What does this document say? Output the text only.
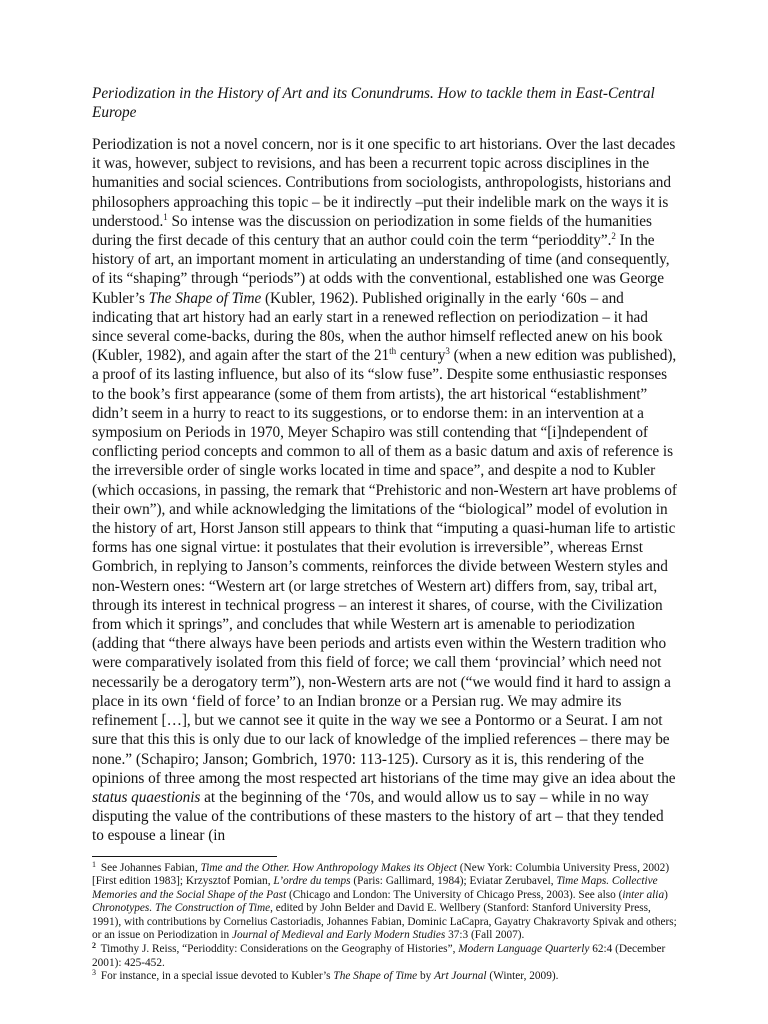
Periodization in the History of Art and its Conundrums. How to tackle them in East-Central Europe

Periodization is not a novel concern, nor is it one specific to art historians. Over the last decades it was, however, subject to revisions, and has been a recurrent topic across disciplines in the humanities and social sciences. Contributions from sociologists, anthropologists, historians and philosophers approaching this topic – be it indirectly –put their indelible mark on the ways it is understood.$^1$ So intense was the discussion on periodization in some fields of the humanities during the first decade of this century that an author could coin the term “perioddity”.$^2$ In the history of art, an important moment in articulating an understanding of time (and consequently, of its “shaping” through “periods”) at odds with the conventional, established one was George Kubler’s The Shape of Time (Kubler, 1962). Published originally in the early ‘60s – and indicating that art history had an early start in a renewed reflection on periodization – it had since several come-backs, during the 80s, when the author himself reflected anew on his book (Kubler, 1982), and again after the start of the 21th century$^3$ (when a new edition was published), a proof of its lasting influence, but also of its “slow fuse”. Despite some enthusiastic responses to the book’s first appearance (some of them from artists), the art historical “establishment” didn’t seem in a hurry to react to its suggestions, or to endorse them: in an intervention at a symposium on Periods in 1970, Meyer Schapiro was still contending that “[i]ndependent of conflicting period concepts and common to all of them as a basic datum and axis of reference is the irreversible order of single works located in time and space”, and despite a nod to Kubler (which occasions, in passing, the remark that “Prehistoric and non-Western art have problems of their own”), and while acknowledging the limitations of the “biological” model of evolution in the history of art, Horst Janson still appears to think that “imputing a quasi-human life to artistic forms has one signal virtue: it postulates that their evolution is irreversible”, whereas Ernst Gombrich, in replying to Janson’s comments, reinforces the divide between Western styles and non-Western ones: “Western art (or large stretches of Western art) differs from, say, tribal art, through its interest in technical progress – an interest it shares, of course, with the Civilization from which it springs”, and concludes that while Western art is amenable to periodization (adding that “there always have been periods and artists even within the Western tradition who were comparatively isolated from this field of force; we call them ‘provincial’ which need not necessarily be a derogatory term”), non-Western arts are not (“we would find it hard to assign a place in its own ‘field of force’ to an Indian bronze or a Persian rug. We may admire its refinement […], but we cannot see it quite in the way we see a Pontormo or a Seurat. I am not sure that this this is only due to our lack of knowledge of the implied references – there may be none.” (Schapiro; Janson; Gombrich, 1970: 113-125). Cursory as it is, this rendering of the opinions of three among the most respected art historians of the time may give an idea about the status quaestionis at the beginning of the ‘70s, and would allow us to say – while in no way disputing the value of the contributions of these masters to the history of art – that they tended to espouse a linear (in

$^1$ See Johannes Fabian, Time and the Other. How Anthropology Makes its Object (New York: Columbia University Press, 2002) [First edition 1983]; Krzysztof Pomian, L’ordre du temps (Paris: Gallimard, 1984); Eviatar Zerubavel, Time Maps. Collective Memories and the Social Shape of the Past (Chicago and London: The University of Chicago Press, 2003). See also (inter alia) Chronotypes. The Construction of Time, edited by John Belder and David E. Wellbery (Stanford: Stanford University Press, 1991), with contributions by Cornelius Castoriadis, Johannes Fabian, Dominic LaCapra, Gayatry Chakravorty Spivak and others; or an issue on Periodization in Journal of Medieval and Early Modern Studies 37:3 (Fall 2007).

$^2$ Timothy J. Reiss, “Perioddity: Considerations on the Geography of Histories”, Modern Language Quarterly 62:4 (December 2001): 425-452.

$^3$ For instance, in a special issue devoted to Kubler’s The Shape of Time by Art Journal (Winter, 2009).
